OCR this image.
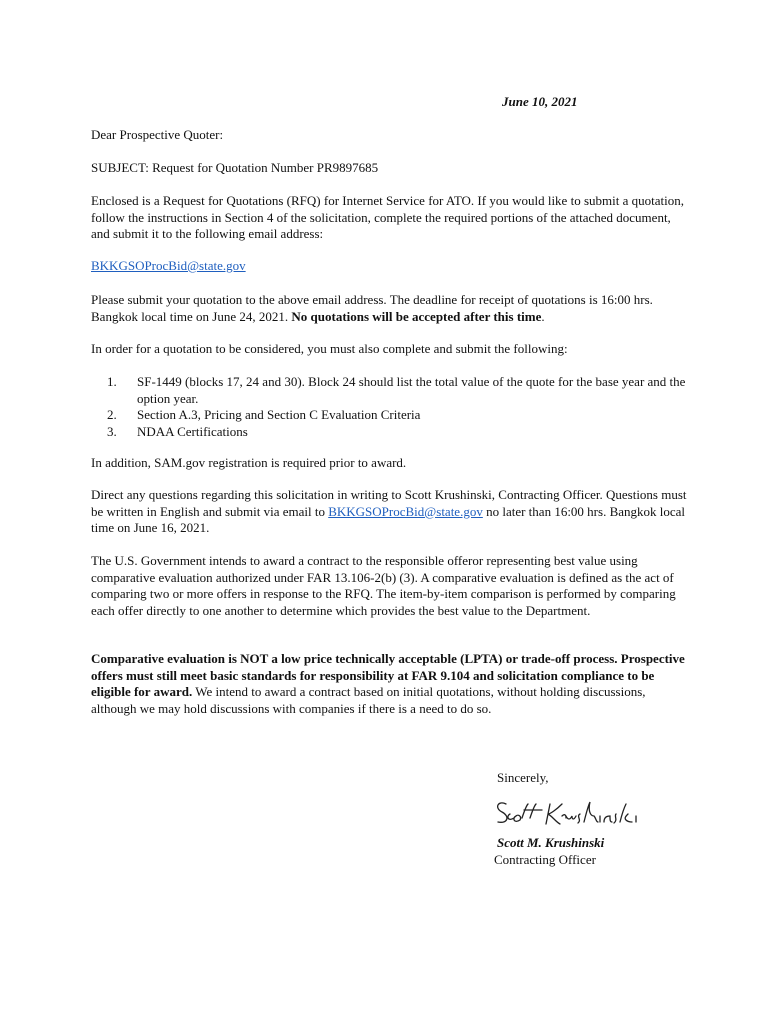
June 10, 2021

Dear Prospective Quoter:

SUBJECT: Request for Quotation Number PR9897685

Enclosed is a Request for Quotations (RFQ) for Internet Service for ATO. If you would like to submit a quotation, follow the instructions in Section 4 of the solicitation, complete the required portions of the attached document, and submit it to the following email address:

BKKGSOProcBid@state.gov

Please submit your quotation to the above email address. The deadline for receipt of quotations is 16:00 hrs. Bangkok local time on June 24, 2021. No quotations will be accepted after this time.

In order for a quotation to be considered, you must also complete and submit the following:

1. SF-1449 (blocks 17, 24 and 30). Block 24 should list the total value of the quote for the base year and the option year.
2. Section A.3, Pricing and Section C Evaluation Criteria
3. NDAA Certifications

In addition, SAM.gov registration is required prior to award.

Direct any questions regarding this solicitation in writing to Scott Krushinski, Contracting Officer. Questions must be written in English and submit via email to BKKGSOProcBid@state.gov no later than 16:00 hrs. Bangkok local time on June 16, 2021.

The U.S. Government intends to award a contract to the responsible offeror representing best value using comparative evaluation authorized under FAR 13.106-2(b) (3). A comparative evaluation is defined as the act of comparing two or more offers in response to the RFQ. The item-by-item comparison is performed by comparing each offer directly to one another to determine which provides the best value to the Department.

Comparative evaluation is NOT a low price technically acceptable (LPTA) or trade-off process. Prospective offers must still meet basic standards for responsibility at FAR 9.104 and solicitation compliance to be eligible for award. We intend to award a contract based on initial quotations, without holding discussions, although we may hold discussions with companies if there is a need to do so.

Sincerely,
Scott M. Krushinski
Contracting Officer
